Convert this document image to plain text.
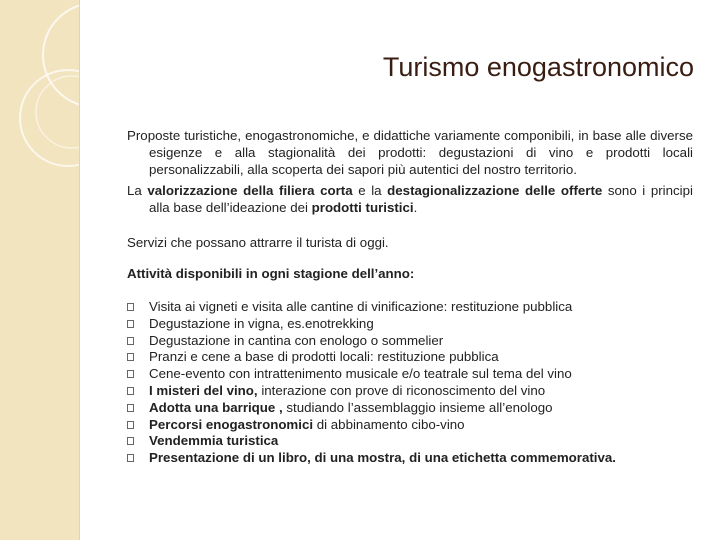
Turismo enogastronomico

Proposte turistiche, enogastronomiche, e didattiche variamente componibili, in base alle diverse esigenze e alla stagionalità dei prodotti: degustazioni di vino e prodotti locali personalizzabili, alla scoperta dei sapori più autentici del nostro territorio.

La valorizzazione della filiera corta e la destagionalizzazione delle offerte sono i principi alla base dell’ideazione dei prodotti turistici.

Servizi che possano attrarre il turista di oggi.

Attività disponibili in ogni stagione dell’anno:

Visita ai vigneti e visita alle cantine di vinificazione: restituzione pubblica
Degustazione in vigna, es.enotrekking
Degustazione in cantina con enologo o sommelier
Pranzi e cene a base di prodotti locali: restituzione pubblica
Cene-evento con intrattenimento musicale e/o teatrale sul tema del vino
I misteri del vino, interazione con prove di riconoscimento del vino
Adotta una barrique , studiando l’assemblaggio insieme all’enologo
Percorsi enogastronomici di abbinamento cibo-vino
Vendemmia turistica
Presentazione di un libro, di una mostra, di una etichetta commemorativa.
